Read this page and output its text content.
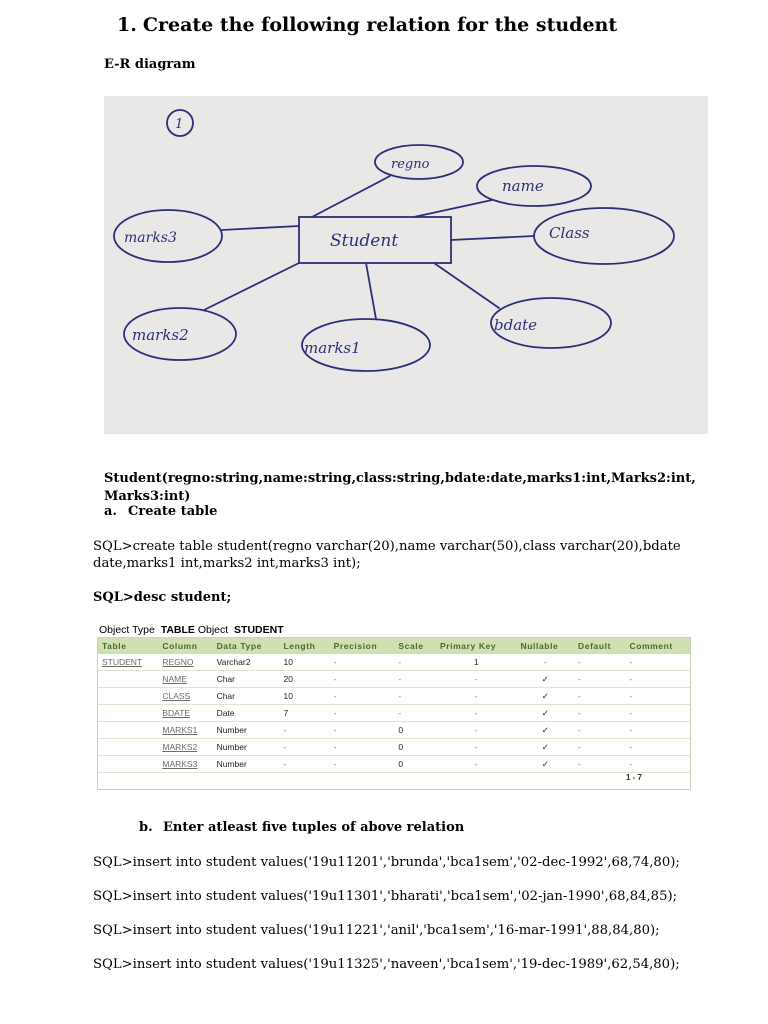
1. Create the following relation for the student
E-R diagram
1
Student
regno
name
Class
bdate
marks1
marks2
marks3
Student(regno:string,name:string,class:string,bdate:date,marks1:int,Marks2:int,
Marks3:int)
a. Create table
SQL>create table student(regno varchar(20),name varchar(50),class varchar(20),bdate
date,marks1 int,marks2 int,marks3 int);
SQL>desc student;
Object Type TABLE Object STUDENT
Table	Column	Data Type	Length	Precision	Scale	Primary Key	Nullable	Default	Comment
STUDENT	REGNO	Varchar2	10	-	-	1	-	-	-
	NAME	Char	20	-	-	-	✓	-	-
	CLASS	Char	10	-	-	-	✓	-	-
	BDATE	Date	7	-	-	-	✓	-	-
	MARKS1	Number	-	-	0	-	✓	-	-
	MARKS2	Number	-	-	0	-	✓	-	-
	MARKS3	Number	-	-	0	-	✓	-	-
1 - 7
b. Enter atleast five tuples of above relation
SQL>insert into student values('19u11201','brunda','bca1sem','02-dec-1992',68,74,80);
SQL>insert into student values('19u11301','bharati','bca1sem','02-jan-1990',68,84,85);
SQL>insert into student values('19u11221','anil','bca1sem','16-mar-1991',88,84,80);
SQL>insert into student values('19u11325','naveen','bca1sem','19-dec-1989',62,54,80);
